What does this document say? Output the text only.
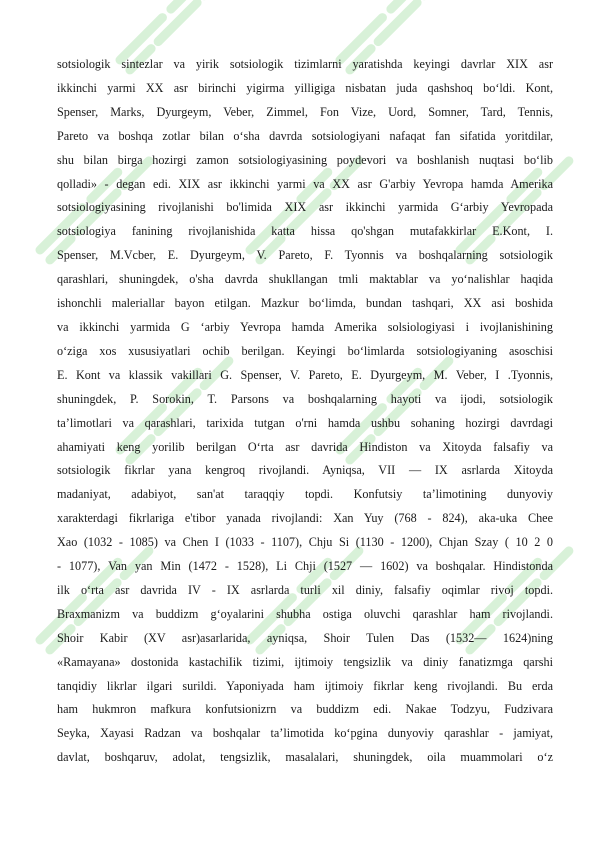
sotsiologik sintezlar va yirik sotsiologik tizimlarni yaratishda keyingi davrlar XIX asr
ikkinchi yarmi XX asr birinchi yigirma yilligiga nisbatan juda qashshoq bo‘ldi. Kont,
Spenser, Marks, Dyurgeym, Veber, Zimmel, Fon Vize, Uord, Somner, Tard, Tennis,
Pareto va boshqa zotlar bilan o‘sha davrda sotsiologiyani nafaqat fan sifatida yoritdilar,
shu bilan birga hozirgi zamon sotsiologiyasining poydevori va boshlanish nuqtasi bo‘lib
qolladi» - degan edi. XIX asr ikkinchi yarmi va XX asr G'arbiy Yevropa hamda Amerika
sotsiologiyasining rivojlanishi bo'limida XIX asr ikkinchi yarmida G‘arbiy Yevropada
sotsiologiya fanining rivojlanishida katta hissa qo'shgan mutafakkirlar E.Kont, I.
Spenser, M.Vcber, E. Dyurgeym, V. Pareto, F. Tyonnis va boshqalarning sotsiologik
qarashlari, shuningdek, o'sha davrda shukllangan tmli maktablar va yo‘nalishlar haqida
ishonchli maleriallar bayon etilgan. Mazkur bo‘limda, bundan tashqari, XX asi boshida
va ikkinchi yarmida G ‘arbiy Yevropa hamda Amerika solsiologiyasi i ivojlanishining
o‘ziga xos xususiyatlari ochib berilgan. Keyingi bo‘limlarda sotsiologiyaning asoschisi
E. Kont va klassik vakillari G. Spenser, V. Pareto, E. Dyurgeym, M. Veber, I .Tyonnis,
shuningdek, P. Sorokin, T. Parsons va boshqalarning hayoti va ijodi, sotsiologik
ta’limotlari va qarashlari, tarixida tutgan o'rni hamda ushbu sohaning hozirgi davrdagi
ahamiyati keng yorilib berilgan O‘rta asr davrida Hindiston va Xitoyda falsafiy va
sotsiologik fikrlar yana kengroq rivojlandi. Ayniqsa, VII — IX asrlarda Xitoyda
madaniyat, adabiyot, san'at taraqqiy topdi. Konfutsiy ta’limotining dunyoviy
xarakterdagi fikrlariga e'tibor yanada rivojlandi: Xan Yuy (768 - 824), aka-uka Chee
Xao (1032 - 1085) va Chen I (1033 - 1107), Chju Si (1130 - 1200), Chjan Szay ( 10 2 0
- 1077), Van yan Min (1472 - 1528), Li Chji (1527 — 1602) va boshqalar. Hindistonda
ilk o‘rta asr davrida IV - IX asrlarda turli xil diniy, falsafiy oqimlar rivoj topdi.
Braxmanizm va buddizm g‘oyalarini shubha ostiga oluvchi qarashlar ham rivojlandi.
Shoir Kabir (XV asr)asarlarida, ayniqsa, Shoir Tulen Das (1532— 1624)ning
«Ramayana» dostonida kastachiIik tizimi, ijtimoiy tengsizlik va diniy fanatizmga qarshi
tanqidiy likrlar ilgari surildi. Yaponiyada ham ijtimoiy fikrlar keng rivojlandi. Bu erda
ham hukmron mafkura konfutsionizrn va buddizm edi. Nakae Todzyu, Fudzivara
Seyka, Xayasi Radzan va boshqalar ta’limotida ko‘pgina dunyoviy qarashlar - jamiyat,
davlat, boshqaruv, adolat, tengsizlik, masalalari, shuningdek, oila muammolari o‘z
